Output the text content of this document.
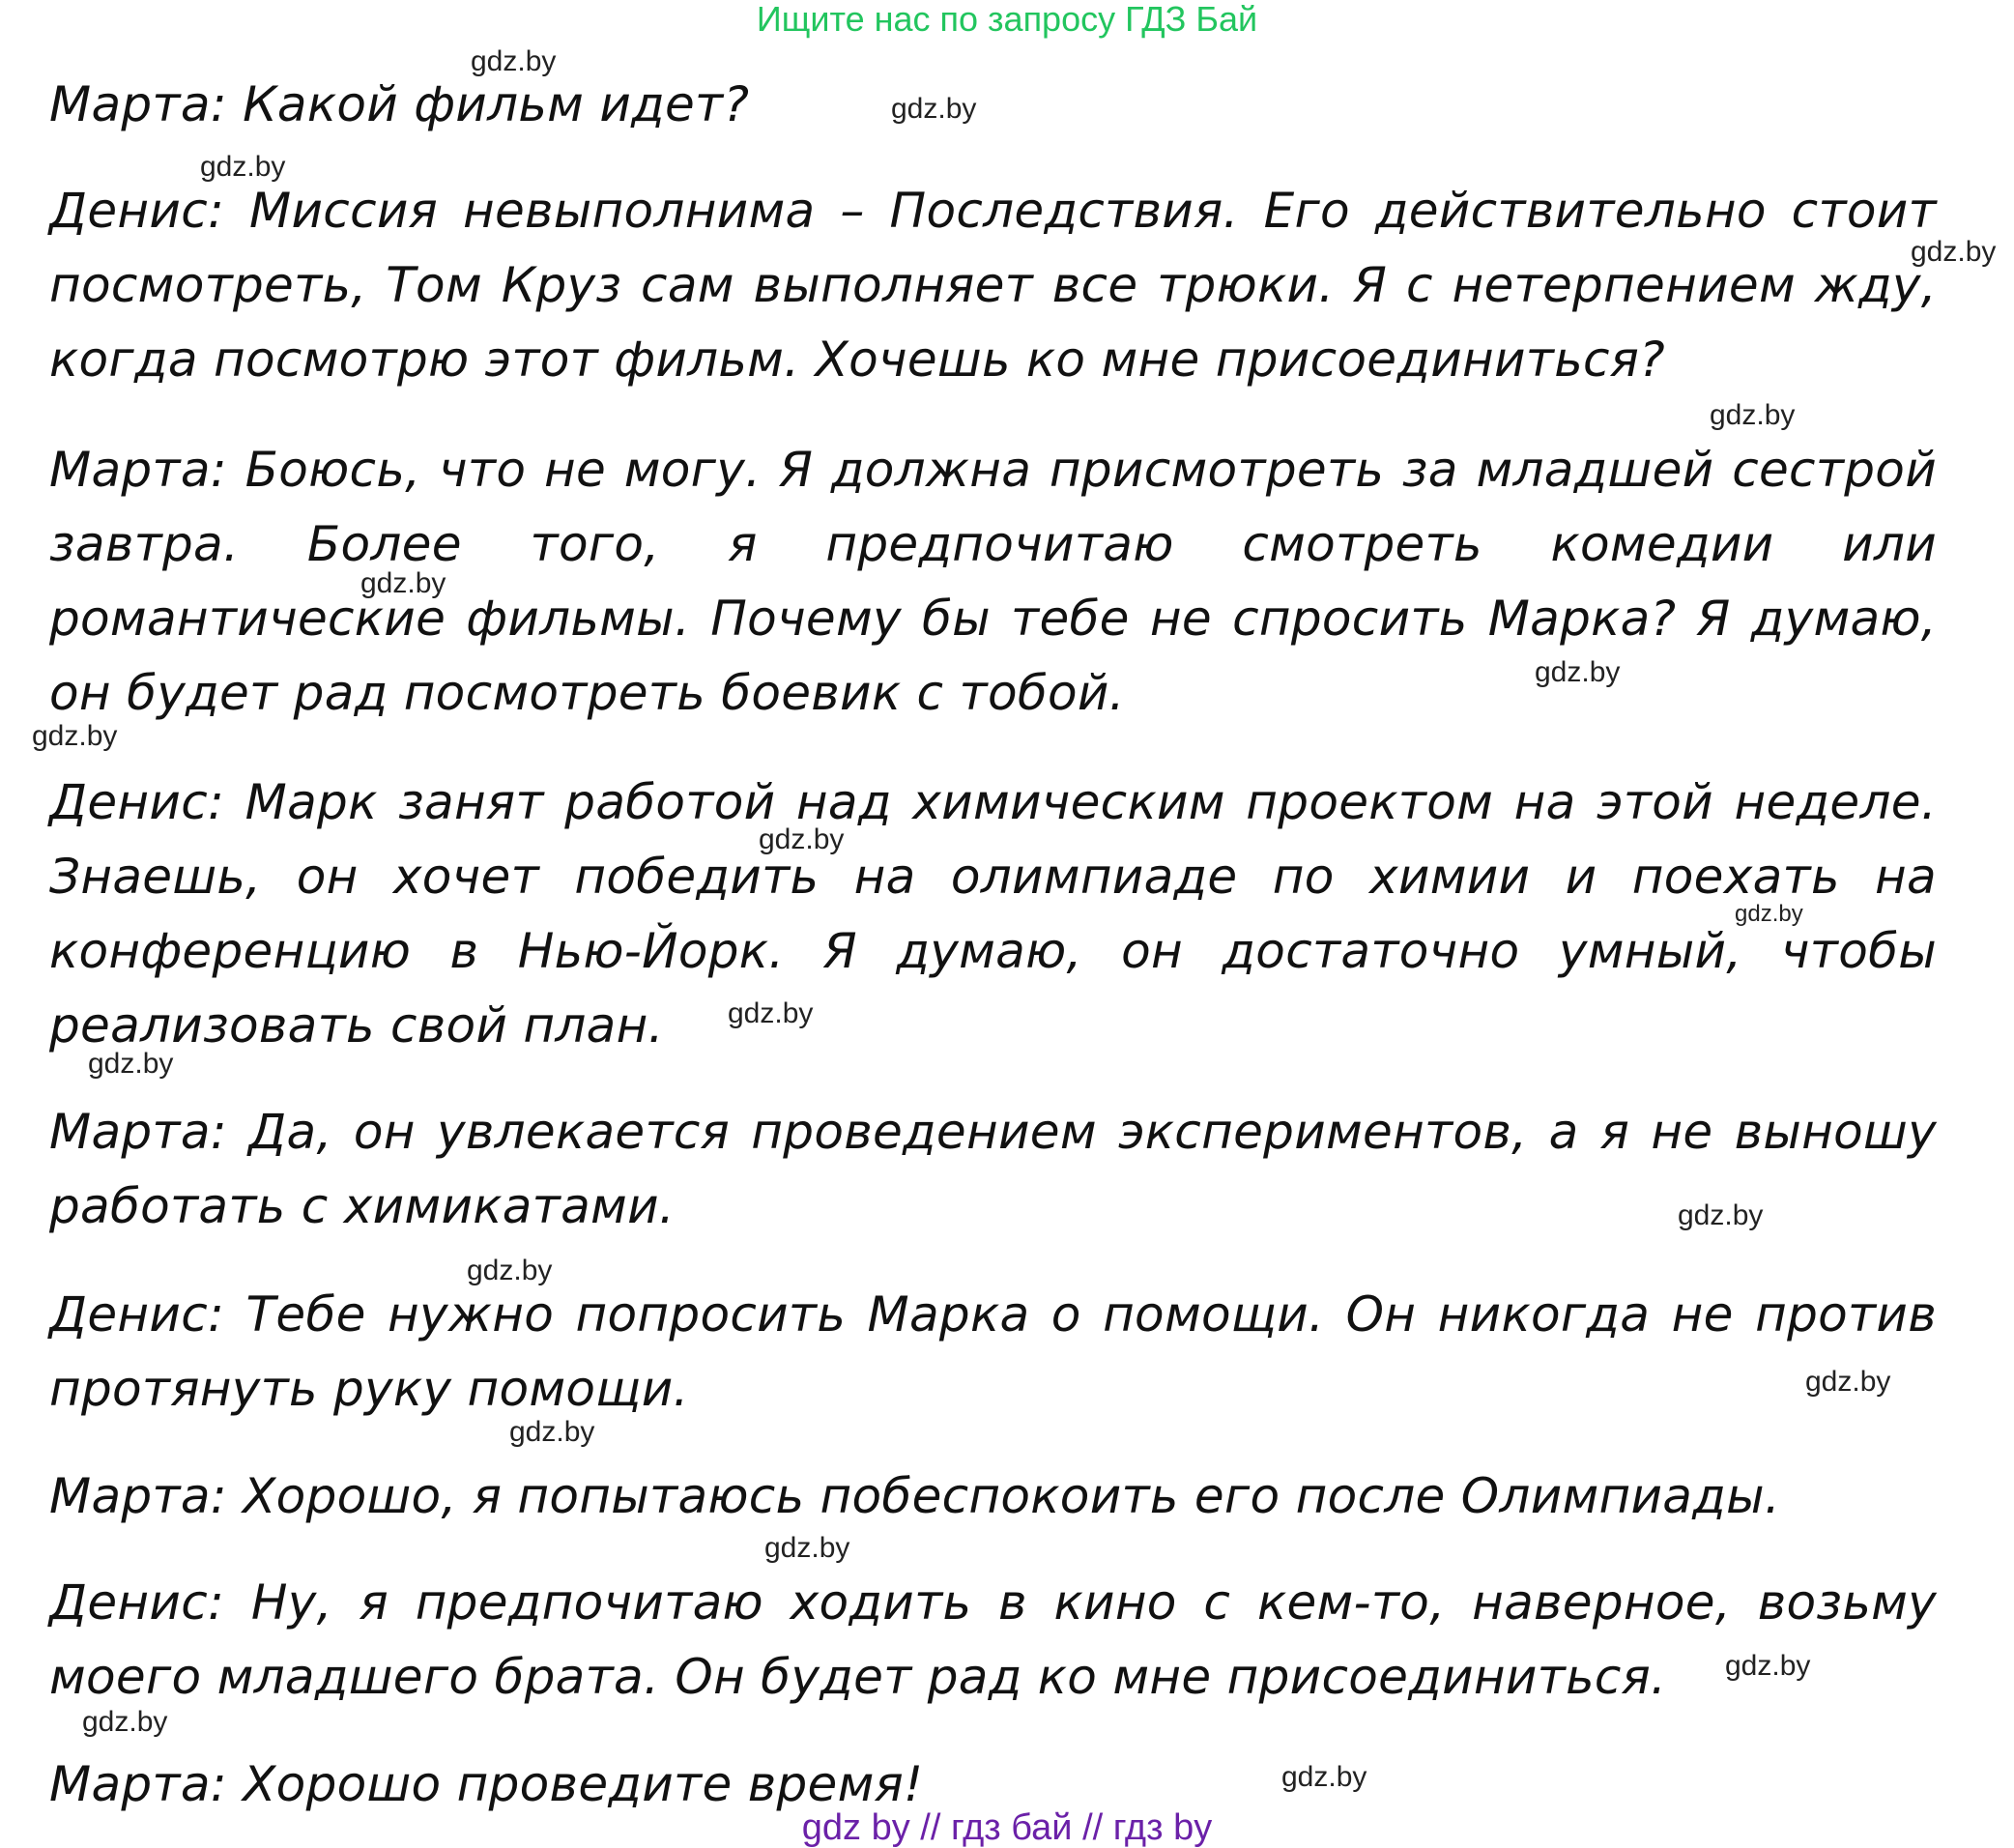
Ищите нас по запросу ГДЗ Бай
Марта: Какой фильм идет?
Денис: Миссия невыполнима – Последствия. Его действительно стоит посмотреть, Том Круз сам выполняет все трюки. Я с нетерпением жду, когда посмотрю этот фильм. Хочешь ко мне присоединиться?
Марта: Боюсь, что не могу. Я должна присмотреть за младшей сестрой завтра. Более того, я предпочитаю смотреть комедии или романтические фильмы. Почему бы тебе не спросить Марка? Я думаю, он будет рад посмотреть боевик с тобой.
Денис: Марк занят работой над химическим проектом на этой неделе. Знаешь, он хочет победить на олимпиаде по химии и поехать на конференцию в Нью-Йорк. Я думаю, он достаточно умный, чтобы реализовать свой план.
Марта: Да, он увлекается проведением экспериментов, а я не выношу работать с химикатами.
Денис: Тебе нужно попросить Марка о помощи. Он никогда не против протянуть руку помощи.
Марта: Хорошо, я попытаюсь побеспокоить его после Олимпиады.
Денис: Ну, я предпочитаю ходить в кино с кем-то, наверное, возьму моего младшего брата. Он будет рад ко мне присоединиться.
Марта: Хорошо проведите время!
gdz.by
gdz.by
gdz.by
gdz.by
gdz.by
gdz.by
gdz.by
gdz.by
gdz.by
gdz.by
gdz.by
gdz.by
gdz.by
gdz.by
gdz.by
gdz.by
gdz.by
gdz.by
gdz.by
gdz.by
gdz by // гдз бай // гдз by
